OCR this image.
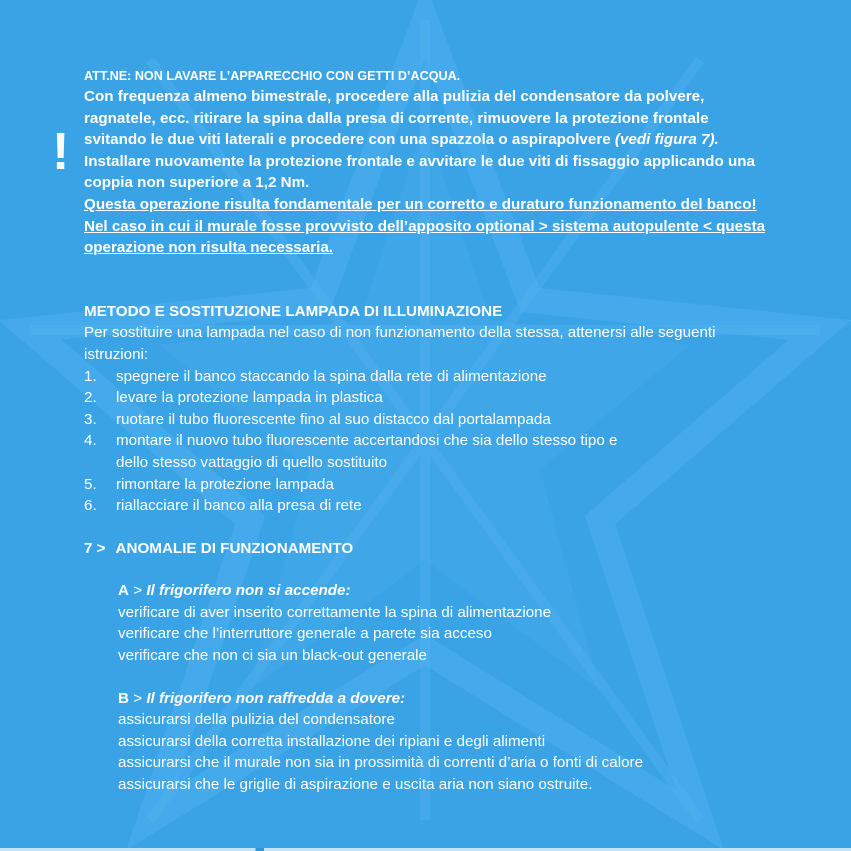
!

ATT.NE: NON LAVARE L’APPARECCHIO CON GETTI D’ACQUA.

Con frequenza almeno bimestrale, procedere alla pulizia del condensatore da polvere, ragnatele, ecc. ritirare la spina dalla presa di corrente, rimuovere la protezione frontale svitando le due viti laterali e procedere con una spazzola o aspirapolvere (vedi figura 7).

Installare nuovamente la protezione frontale e avvitare le due viti di fissaggio applicando una coppia non superiore a 1,2 Nm.

Questa operazione risulta fondamentale per un corretto e duraturo funzionamento del banco! Nel caso in cui il murale fosse provvisto dell’apposito optional > sistema autopulente < questa operazione non risulta necessaria.

METODO E SOSTITUZIONE LAMPADA DI ILLUMINAZIONE

Per sostituire una lampada nel caso di non funzionamento della stessa, attenersi alle seguenti istruzioni:

1. spegnere il banco staccando la spina dalla rete di alimentazione
2. levare la protezione lampada in plastica
3. ruotare il tubo fluorescente fino al suo distacco dal portalampada
4. montare il nuovo tubo fluorescente accertandosi che sia dello stesso tipo e dello stesso vattaggio di quello sostituito
5. rimontare la protezione lampada
6. riallacciare il banco alla presa di rete
7 > ANOMALIE DI FUNZIONAMENTO

A > Il frigorifero non si accende:

verificare di aver inserito correttamente la spina di alimentazione

verificare che l’interruttore generale a parete sia acceso

verificare che non ci sia un black-out generale

B > Il frigorifero non raffredda a dovere:

assicurarsi della pulizia del condensatore

assicurarsi della corretta installazione dei ripiani e degli alimenti

assicurarsi che il murale non sia in prossimità di correnti d’aria o fonti di calore

assicurarsi che le griglie di aspirazione e uscita aria non siano ostruite.
